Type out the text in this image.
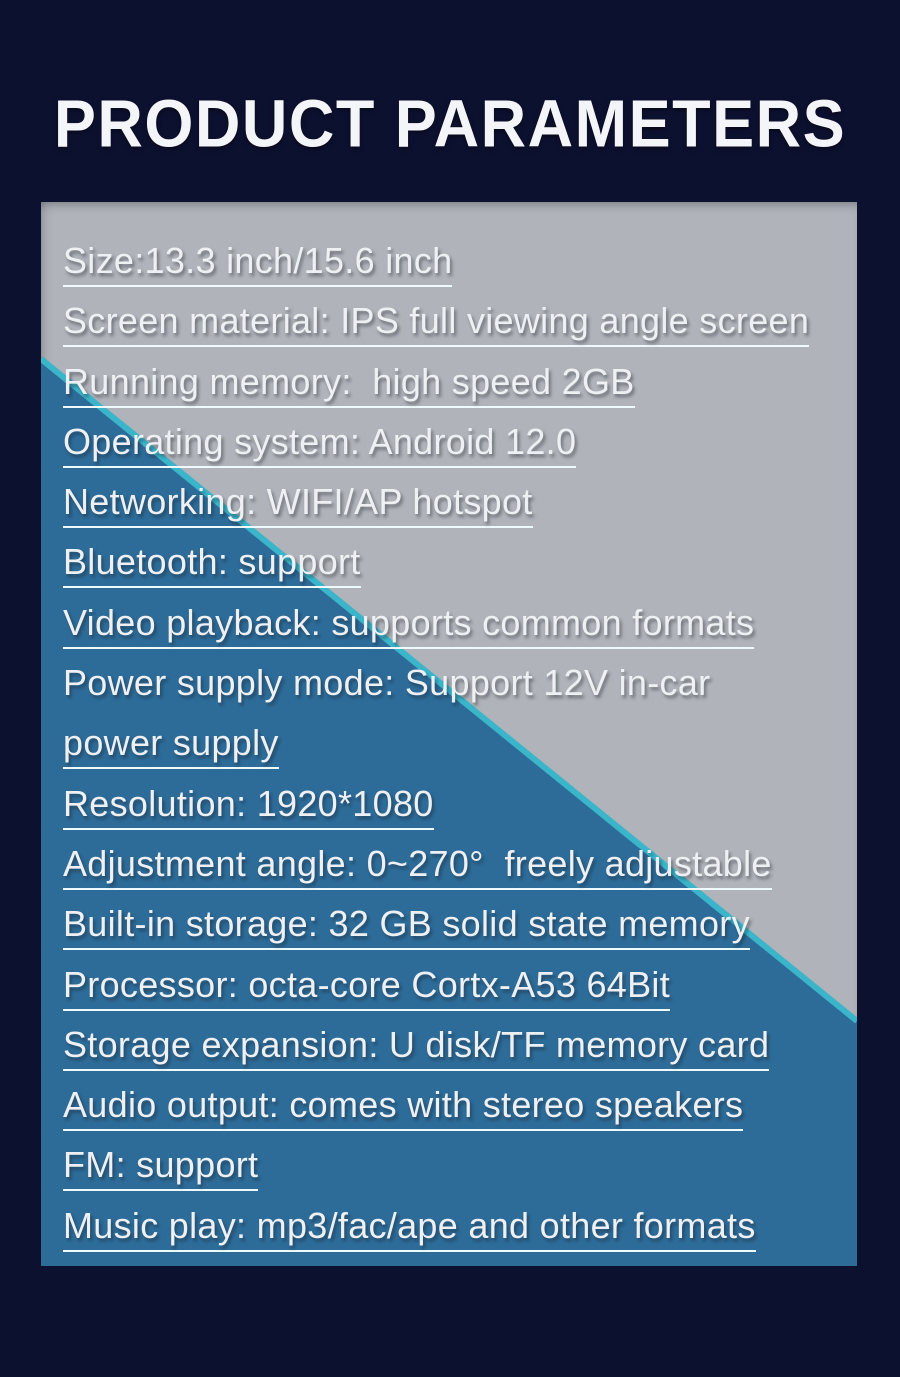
PRODUCT PARAMETERS
Size:13.3 inch/15.6 inch
Screen material: IPS full viewing angle screen
Running memory:  high speed 2GB
Operating system: Android 12.0
Networking: WIFI/AP hotspot
Bluetooth: support
Video playback: supports common formats
Power supply mode: Support 12V in-car
power supply
Resolution: 1920*1080
Adjustment angle: 0~270°  freely adjustable
Built-in storage: 32 GB solid state memory
Processor: octa-core Cortx-A53 64Bit
Storage expansion: U disk/TF memory card
Audio output: comes with stereo speakers
FM: support
Music play: mp3/fac/ape and other formats
